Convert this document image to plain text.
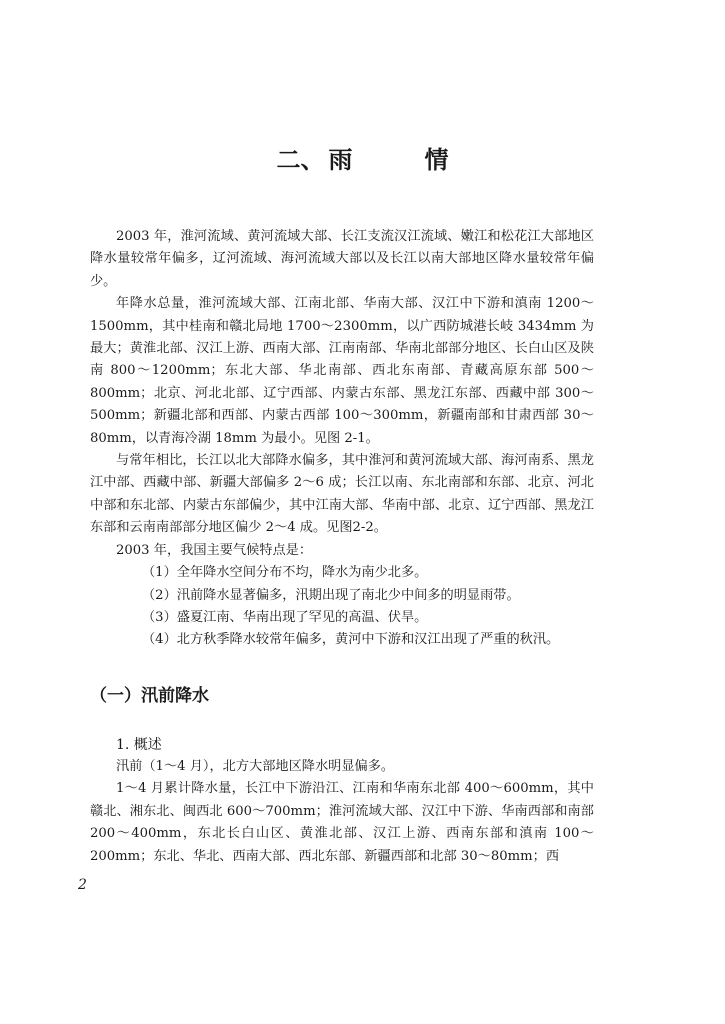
二、 雨	情

2003 年，淮河流域、黄河流域大部、长江支流汉江流域、嫩江和松花江大部地区降水量较常年偏多，辽河流域、海河流域大部以及长江以南大部地区降水量较常年偏少。

年降水总量，淮河流域大部、江南北部、华南大部、汉江中下游和滇南 1200～1500mm，其中桂南和赣北局地 1700～2300mm，以广西防城港长岐 3434mm 为最大；黄淮北部、汉江上游、西南大部、江南南部、华南北部部分地区、长白山区及陕南 800～1200mm；东北大部、华北南部、西北东南部、青藏高原东部 500～800mm；北京、河北北部、辽宁西部、内蒙古东部、黑龙江东部、西藏中部 300～500mm；新疆北部和西部、内蒙古西部 100～300mm，新疆南部和甘肃西部 30～80mm，以青海冷湖 18mm 为最小。见图 2-1。

与常年相比，长江以北大部降水偏多，其中淮河和黄河流域大部、海河南系、黑龙江中部、西藏中部、新疆大部偏多 2～6 成；长江以南、东北南部和东部、北京、河北中部和东北部、内蒙古东部偏少，其中江南大部、华南中部、北京、辽宁西部、黑龙江东部和云南南部部分地区偏少 2～4 成。见图2-2。

2003 年，我国主要气候特点是：

（1）全年降水空间分布不均，降水为南少北多。

（2）汛前降水显著偏多，汛期出现了南北少中间多的明显雨带。

（3）盛夏江南、华南出现了罕见的高温、伏旱。

（4）北方秋季降水较常年偏多，黄河中下游和汉江出现了严重的秋汛。

（一）汛前降水
1. 概述

汛前（1～4 月），北方大部地区降水明显偏多。

1～4 月累计降水量，长江中下游沿江、江南和华南东北部 400～600mm，其中赣北、湘东北、闽西北 600～700mm；淮河流域大部、汉江中下游、华南西部和南部 200～400mm，东北长白山区、黄淮北部、汉江上游、西南东部和滇南 100～200mm；东北、华北、西南大部、西北东部、新疆西部和北部 30～80mm；西

2
